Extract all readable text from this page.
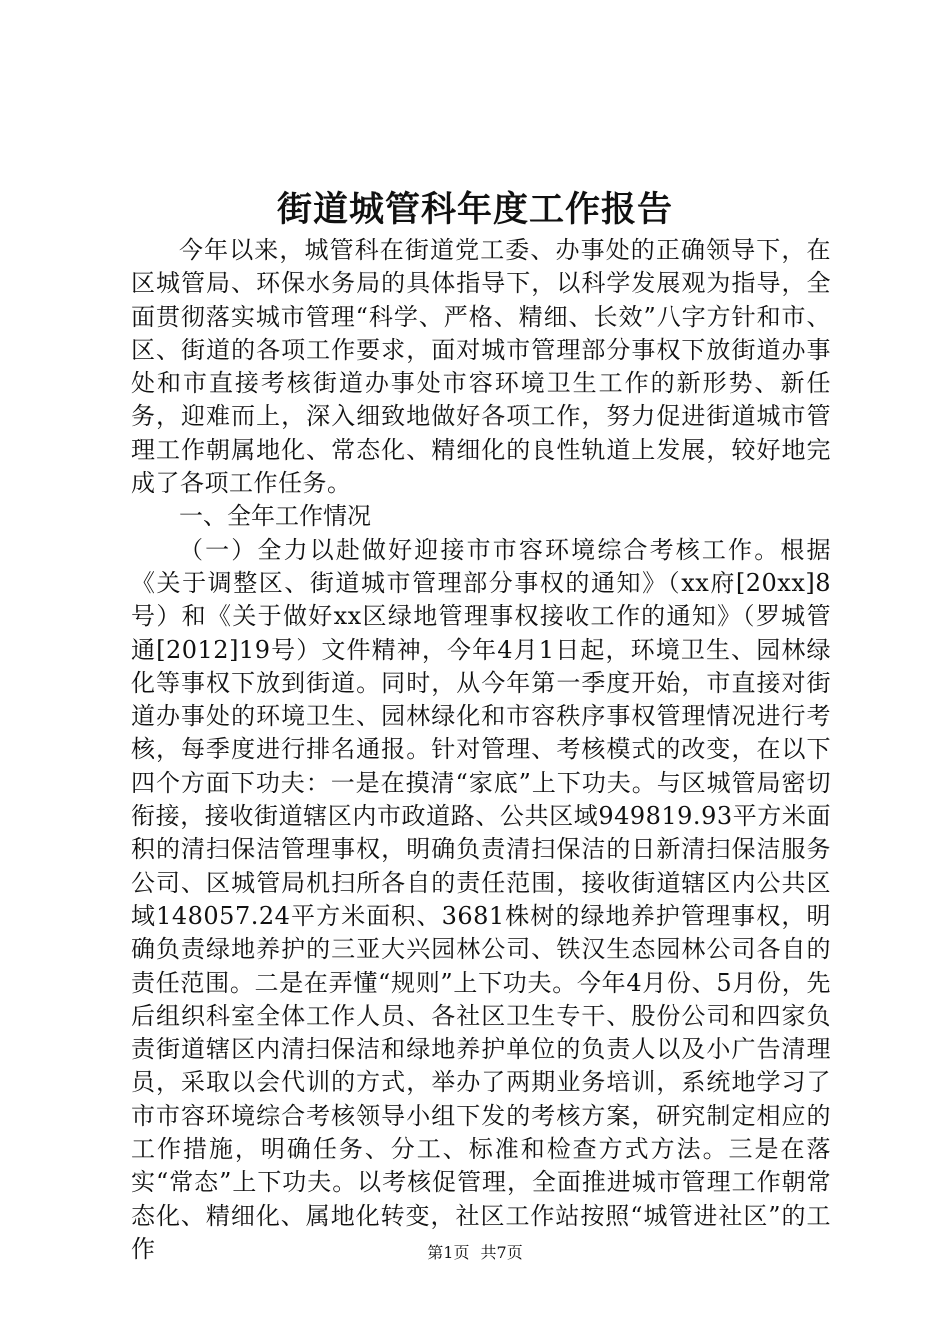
街道城管科年度工作报告

今年以来，城管科在街道党工委、办事处的正确领导下，在区城管局、环保水务局的具体指导下，以科学发展观为指导，全面贯彻落实城市管理“科学、严格、精细、长效”八字方针和市、区、街道的各项工作要求，面对城市管理部分事权下放街道办事处和市直接考核街道办事处市容环境卫生工作的新形势、新任务，迎难而上，深入细致地做好各项工作，努力促进街道城市管理工作朝属地化、常态化、精细化的良性轨道上发展，较好地完成了各项工作任务。

一、全年工作情况

（一）全力以赴做好迎接市市容环境综合考核工作。根据《关于调整区、街道城市管理部分事权的通知》（xx府[20xx]8号）和《关于做好xx区绿地管理事权接收工作的通知》（罗城管通[2012]19号）文件精神，今年4月1日起，环境卫生、园林绿化等事权下放到街道。同时，从今年第一季度开始，市直接对街道办事处的环境卫生、园林绿化和市容秩序事权管理情况进行考核，每季度进行排名通报。针对管理、考核模式的改变，在以下四个方面下功夫：一是在摸清“家底”上下功夫。与区城管局密切衔接，接收街道辖区内市政道路、公共区域949819.93平方米面积的清扫保洁管理事权，明确负责清扫保洁的日新清扫保洁服务公司、区城管局机扫所各自的责任范围，接收街道辖区内公共区域148057.24平方米面积、3681株树的绿地养护管理事权，明确负责绿地养护的三亚大兴园林公司、铁汉生态园林公司各自的责任范围。二是在弄懂“规则”上下功夫。今年4月份、5月份，先后组织科室全体工作人员、各社区卫生专干、股份公司和四家负责街道辖区内清扫保洁和绿地养护单位的负责人以及小广告清理员，采取以会代训的方式，举办了两期业务培训，系统地学习了市市容环境综合考核领导小组下发的考核方案，研究制定相应的工作措施，明确任务、分工、标准和检查方式方法。三是在落实“常态”上下功夫。以考核促管理，全面推进城市管理工作朝常态化、精细化、属地化转变，社区工作站按照“城管进社区”的工作	第1页 共7页
